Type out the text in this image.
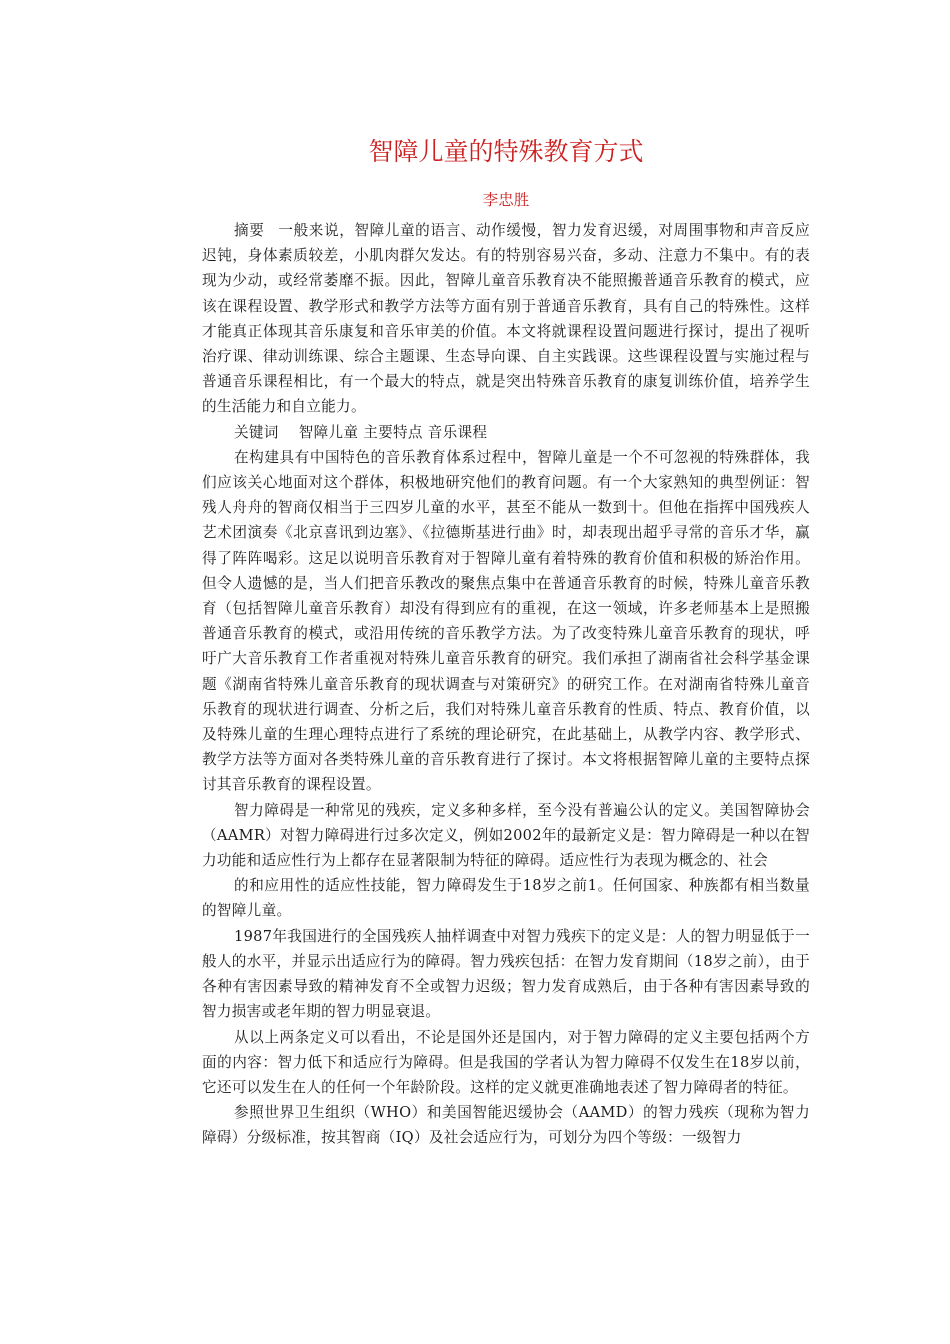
智障儿童的特殊教育方式
李忠胜

摘要 一般来说，智障儿童的语言、动作缓慢，智力发育迟缓，对周围事物和声音反应迟钝，身体素质较差，小肌肉群欠发达。有的特别容易兴奋，多动、注意力不集中。有的表现为少动，或经常萎靡不振。因此，智障儿童音乐教育决不能照搬普通音乐教育的模式，应该在课程设置、教学形式和教学方法等方面有别于普通音乐教育，具有自己的特殊性。这样才能真正体现其音乐康复和音乐审美的价值。本文将就课程设置问题进行探讨，提出了视听治疗课、律动训练课、综合主题课、生态导向课、自主实践课。这些课程设置与实施过程与普通音乐课程相比，有一个最大的特点，就是突出特殊音乐教育的康复训练价值，培养学生的生活能力和自立能力。

关键词 智障儿童 主要特点 音乐课程

在构建具有中国特色的音乐教育体系过程中，智障儿童是一个不可忽视的特殊群体，我们应该关心地面对这个群体，积极地研究他们的教育问题。有一个大家熟知的典型例证：智残人舟舟的智商仅相当于三四岁儿童的水平，甚至不能从一数到十。但他在指挥中国残疾人艺术团演奏《北京喜讯到边塞》、《拉德斯基进行曲》时，却表现出超乎寻常的音乐才华，赢得了阵阵喝彩。这足以说明音乐教育对于智障儿童有着特殊的教育价值和积极的矫治作用。但令人遗憾的是，当人们把音乐教改的聚焦点集中在普通音乐教育的时候，特殊儿童音乐教育（包括智障儿童音乐教育）却没有得到应有的重视，在这一领域，许多老师基本上是照搬普通音乐教育的模式，或沿用传统的音乐教学方法。为了改变特殊儿童音乐教育的现状，呼吁广大音乐教育工作者重视对特殊儿童音乐教育的研究。我们承担了湖南省社会科学基金课题《湖南省特殊儿童音乐教育的现状调查与对策研究》的研究工作。在对湖南省特殊儿童音乐教育的现状进行调查、分析之后，我们对特殊儿童音乐教育的性质、特点、教育价值，以及特殊儿童的生理心理特点进行了系统的理论研究，在此基础上，从教学内容、教学形式、教学方法等方面对各类特殊儿童的音乐教育进行了探讨。本文将根据智障儿童的主要特点探讨其音乐教育的课程设置。

智力障碍是一种常见的残疾，定义多种多样，至今没有普遍公认的定义。美国智障协会（AAMR）对智力障碍进行过多次定义，例如2002年的最新定义是：智力障碍是一种以在智力功能和适应性行为上都存在显著限制为特征的障碍。适应性行为表现为概念的、社会

的和应用性的适应性技能，智力障碍发生于18岁之前1。任何国家、种族都有相当数量的智障儿童。

1987年我国进行的全国残疾人抽样调查中对智力残疾下的定义是：人的智力明显低于一般人的水平，并显示出适应行为的障碍。智力残疾包括：在智力发育期间（18岁之前），由于各种有害因素导致的精神发育不全或智力迟级；智力发育成熟后，由于各种有害因素导致的智力损害或老年期的智力明显衰退。

从以上两条定义可以看出，不论是国外还是国内，对于智力障碍的定义主要包括两个方面的内容：智力低下和适应行为障碍。但是我国的学者认为智力障碍不仅发生在18岁以前，它还可以发生在人的任何一个年龄阶段。这样的定义就更准确地表述了智力障碍者的特征。

参照世界卫生组织（WHO）和美国智能迟缓协会（AAMD）的智力残疾（现称为智力障碍）分级标准，按其智商（IQ）及社会适应行为，可划分为四个等级：一级智力
